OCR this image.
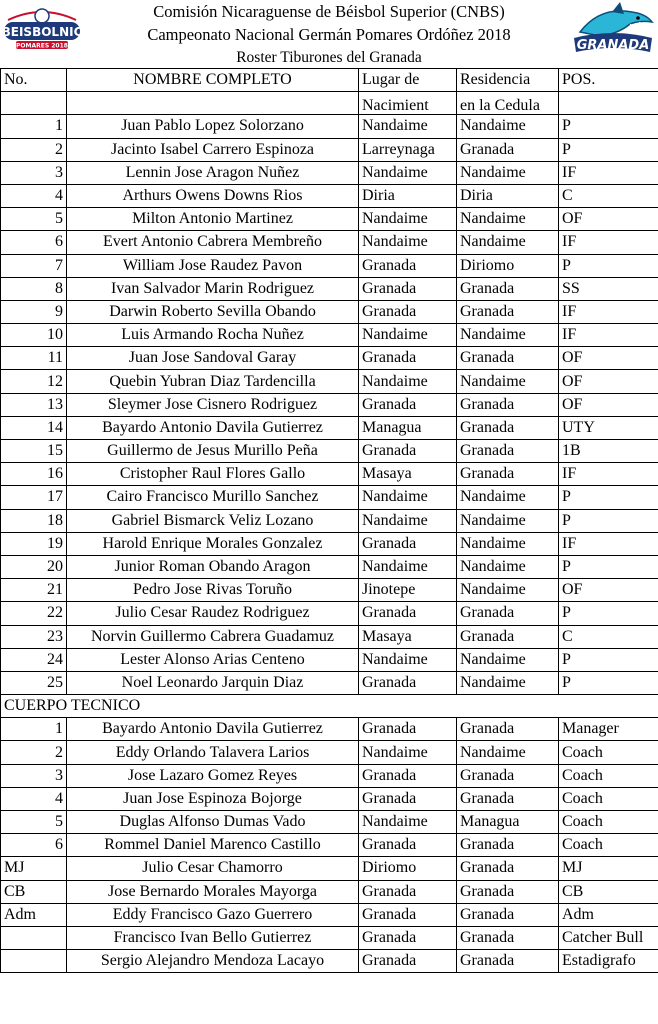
BEISBOLNIC
POMARES 2018
Comisión Nicaraguense de Béisbol Superior (CNBS)
Campeonato Nacional Germán Pomares Ordóñez 2018
Roster Tiburones del Granada
GRANADA
No.	NOMBRE COMPLETO	Lugar de	Residencia	POS.
		Nacimient	en la Cedula	
1	Juan Pablo Lopez Solorzano	Nandaime	Nandaime	P
2	Jacinto Isabel Carrero Espinoza	Larreynaga	Granada	P
3	Lennin Jose Aragon Nuñez	Nandaime	Nandaime	IF
4	Arthurs Owens Downs Rios	Diria	Diria	C
5	Milton Antonio Martinez	Nandaime	Nandaime	OF
6	Evert Antonio Cabrera Membreño	Nandaime	Nandaime	IF
7	William Jose Raudez Pavon	Granada	Diriomo	P
8	Ivan Salvador Marin Rodriguez	Granada	Granada	SS
9	Darwin Roberto Sevilla Obando	Granada	Granada	IF
10	Luis Armando Rocha Nuñez	Nandaime	Nandaime	IF
11	Juan Jose Sandoval Garay	Granada	Granada	OF
12	Quebin Yubran Diaz Tardencilla	Nandaime	Nandaime	OF
13	Sleymer Jose Cisnero Rodriguez	Granada	Granada	OF
14	Bayardo Antonio Davila Gutierrez	Managua	Granada	UTY
15	Guillermo de Jesus Murillo Peña	Granada	Granada	1B
16	Cristopher Raul Flores Gallo	Masaya	Granada	IF
17	Cairo Francisco Murillo Sanchez	Nandaime	Nandaime	P
18	Gabriel Bismarck Veliz Lozano	Nandaime	Nandaime	P
19	Harold Enrique Morales Gonzalez	Granada	Nandaime	IF
20	Junior Roman Obando Aragon	Nandaime	Nandaime	P
21	Pedro Jose Rivas Toruño	Jinotepe	Nandaime	OF
22	Julio Cesar Raudez Rodriguez	Granada	Granada	P
23	Norvin Guillermo Cabrera Guadamuz	Masaya	Granada	C
24	Lester Alonso Arias Centeno	Nandaime	Nandaime	P
25	Noel Leonardo Jarquin Diaz	Granada	Nandaime	P
CUERPO TECNICO				
1	Bayardo Antonio Davila Gutierrez	Granada	Granada	Manager
2	Eddy Orlando Talavera Larios	Nandaime	Nandaime	Coach
3	Jose Lazaro Gomez Reyes	Granada	Granada	Coach
4	Juan Jose Espinoza Bojorge	Granada	Granada	Coach
5	Duglas Alfonso Dumas Vado	Nandaime	Managua	Coach
6	Rommel Daniel Marenco Castillo	Granada	Granada	Coach
MJ	Julio Cesar Chamorro	Diriomo	Granada	MJ
CB	Jose Bernardo Morales Mayorga	Granada	Granada	CB
Adm	Eddy Francisco Gazo Guerrero	Granada	Granada	Adm
	Francisco Ivan Bello Gutierrez	Granada	Granada	Catcher Bull
	Sergio Alejandro Mendoza Lacayo	Granada	Granada	Estadigrafo
